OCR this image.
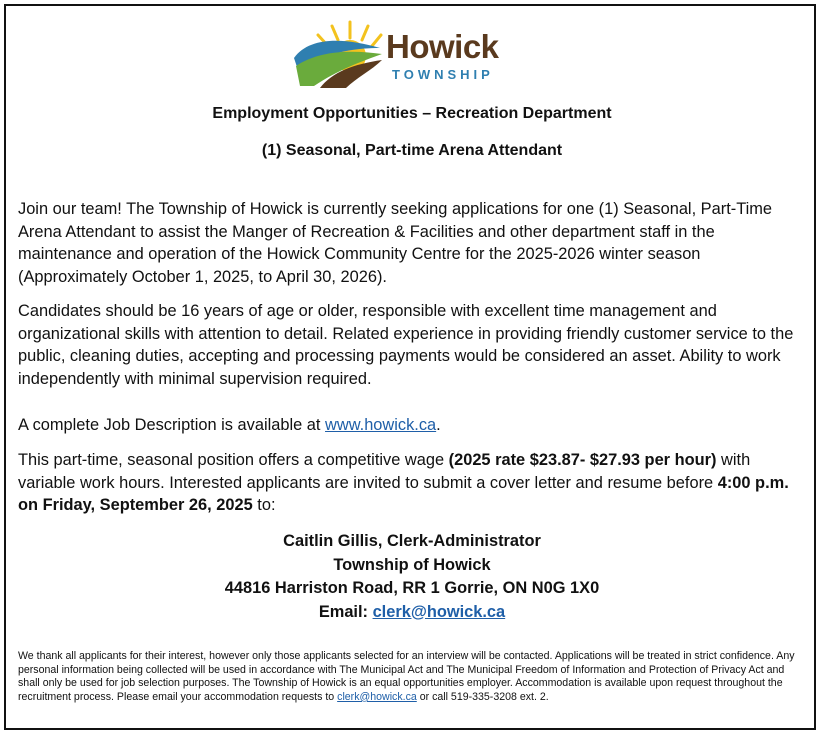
Howick
TOWNSHIP
Employment Opportunities – Recreation Department
(1) Seasonal, Part-time Arena Attendant
Join our team! The Township of Howick is currently seeking applications for one (1) Seasonal, Part-Time Arena Attendant to assist the Manger of Recreation & Facilities and other department staff in the maintenance and operation of the Howick Community Centre for the 2025-2026 winter season (Approximately October 1, 2025, to April 30, 2026).
Candidates should be 16 years of age or older, responsible with excellent time management and organizational skills with attention to detail. Related experience in providing friendly customer service to the public, cleaning duties, accepting and processing payments would be considered an asset. Ability to work independently with minimal supervision required.
A complete Job Description is available at www.howick.ca.
This part-time, seasonal position offers a competitive wage (2025 rate $23.87- $27.93 per hour) with variable work hours. Interested applicants are invited to submit a cover letter and resume before 4:00 p.m. on Friday, September 26, 2025 to:
Caitlin Gillis, Clerk-Administrator
Township of Howick
44816 Harriston Road, RR 1 Gorrie, ON N0G 1X0
Email: clerk@howick.ca
We thank all applicants for their interest, however only those applicants selected for an interview will be contacted. Applications will be treated in strict confidence. Any personal information being collected will be used in accordance with The Municipal Act and The Municipal Freedom of Information and Protection of Privacy Act and shall only be used for job selection purposes. The Township of Howick is an equal opportunities employer. Accommodation is available upon request throughout the recruitment process. Please email your accommodation requests to clerk@howick.ca or call 519-335-3208 ext. 2.
